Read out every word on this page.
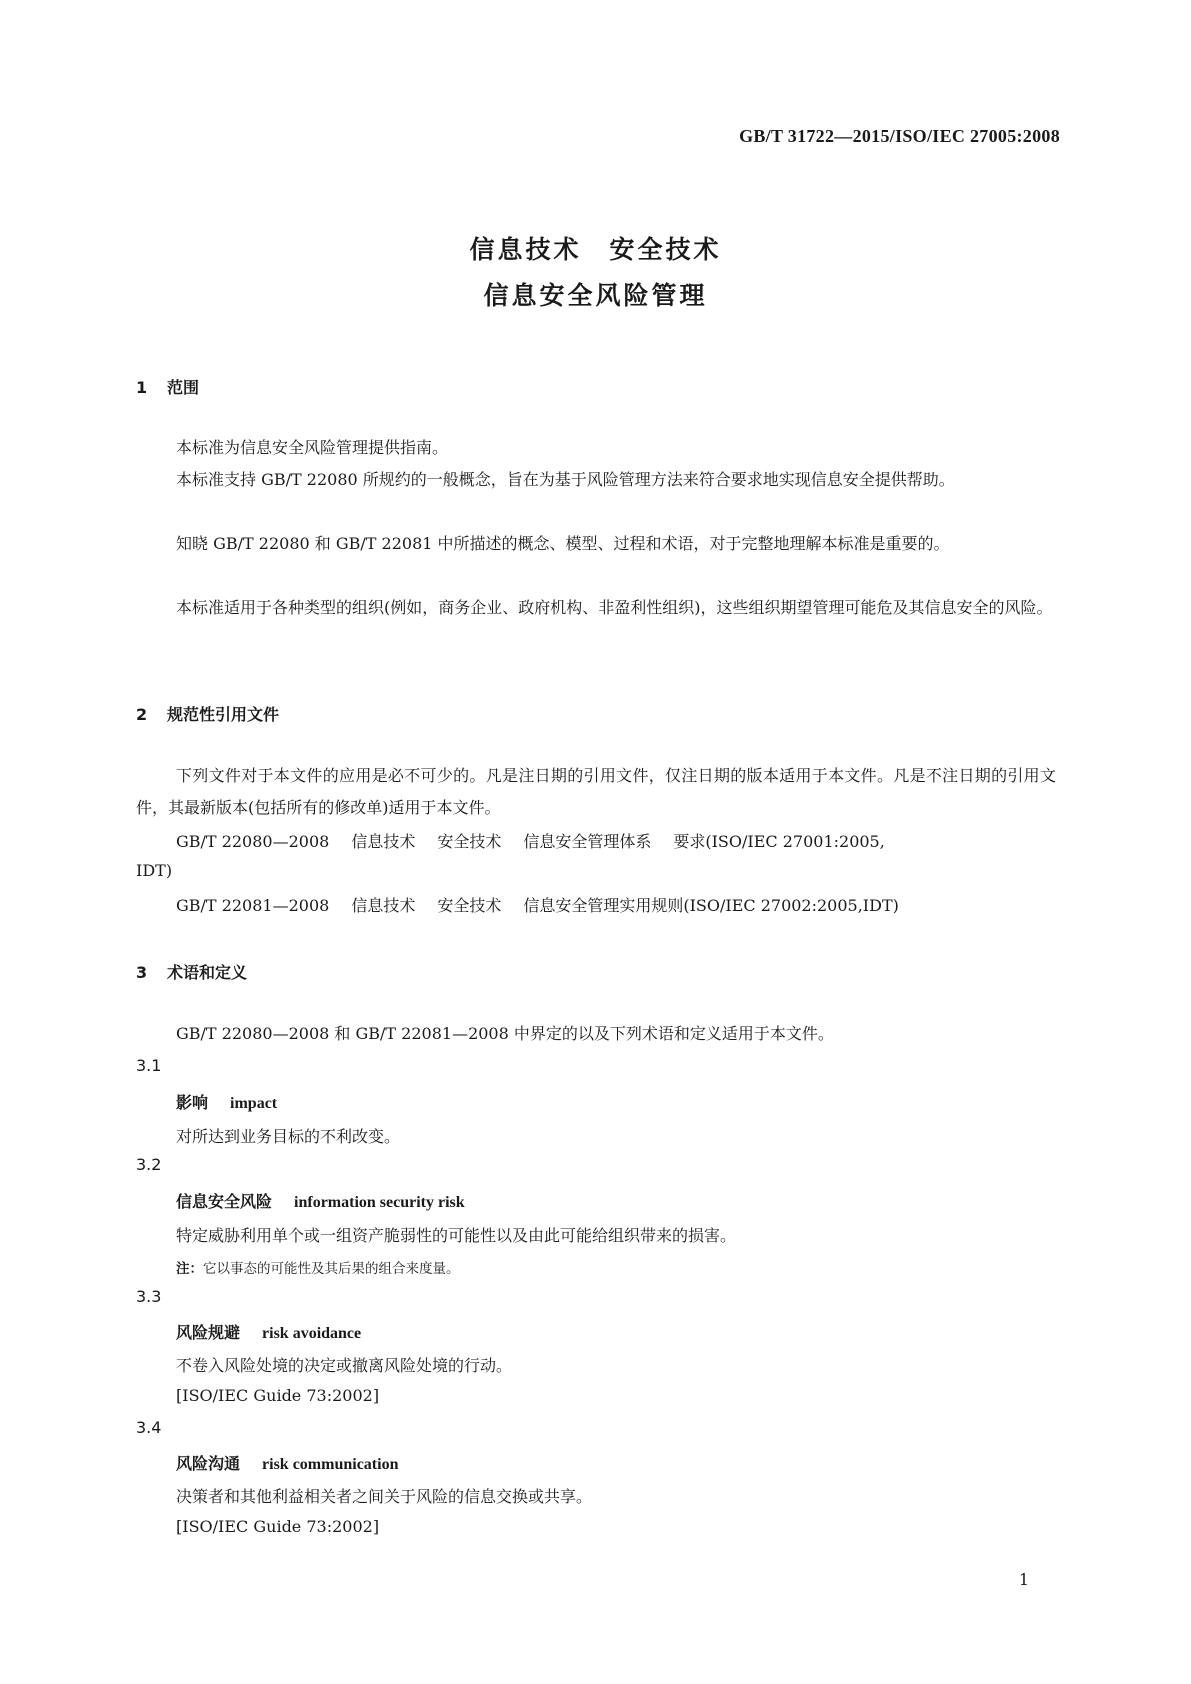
GB/T 31722—2015/ISO/IEC 27005:2008
信息技术　安全技术
信息安全风险管理
1 范围
本标准为信息安全风险管理提供指南。
本标准支持 GB/T 22080 所规约的一般概念，旨在为基于风险管理方法来符合要求地实现信息安全提供帮助。
知晓 GB/T 22080 和 GB/T 22081 中所描述的概念、模型、过程和术语，对于完整地理解本标准是重要的。
本标准适用于各种类型的组织(例如，商务企业、政府机构、非盈利性组织)，这些组织期望管理可能危及其信息安全的风险。
2 规范性引用文件
下列文件对于本文件的应用是必不可少的。凡是注日期的引用文件，仅注日期的版本适用于本文件。凡是不注日期的引用文件，其最新版本(包括所有的修改单)适用于本文件。
GB/T 22080—2008 信息技术 安全技术 信息安全管理体系 要求(ISO/IEC 27001:2005,
IDT)
GB/T 22081—2008 信息技术 安全技术 信息安全管理实用规则(ISO/IEC 27002:2005,IDT)
3 术语和定义
GB/T 22080—2008 和 GB/T 22081—2008 中界定的以及下列术语和定义适用于本文件。
3.1
影响 impact
对所达到业务目标的不利改变。
3.2
信息安全风险 information security risk
特定威胁利用单个或一组资产脆弱性的可能性以及由此可能给组织带来的损害。
注：它以事态的可能性及其后果的组合来度量。
3.3
风险规避 risk avoidance
不卷入风险处境的决定或撤离风险处境的行动。
[ISO/IEC Guide 73:2002]
3.4
风险沟通 risk communication
决策者和其他利益相关者之间关于风险的信息交换或共享。
[ISO/IEC Guide 73:2002]
1
